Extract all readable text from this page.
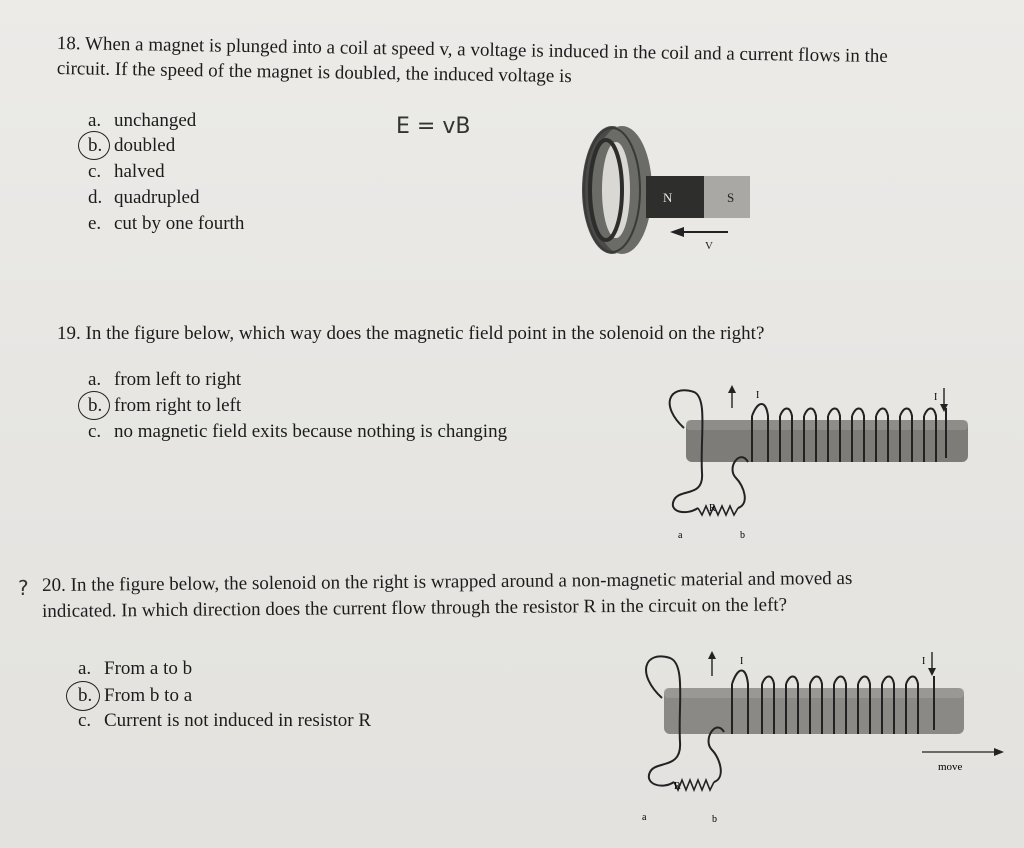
18. When a magnet is plunged into a coil at speed v, a voltage is induced in the coil and a current flows in the
circuit. If the speed of the magnet is doubled, the induced voltage is
a. unchanged
b. doubled
c. halved
d. quadrupled
e. cut by one fourth
E = vB
N	S
V
19. In the figure below, which way does the magnetic field point in the solenoid on the right?
a. from left to right
b. from right to left
c. no magnetic field exits because nothing is changing
R
a	b
I	I
? 20. In the figure below, the solenoid on the right is wrapped around a non-magnetic material and moved as
indicated. In which direction does the current flow through the resistor R in the circuit on the left?
a. From a to b
b. From b to a
c. Current is not induced in resistor R
R
a	b
I	I
move
